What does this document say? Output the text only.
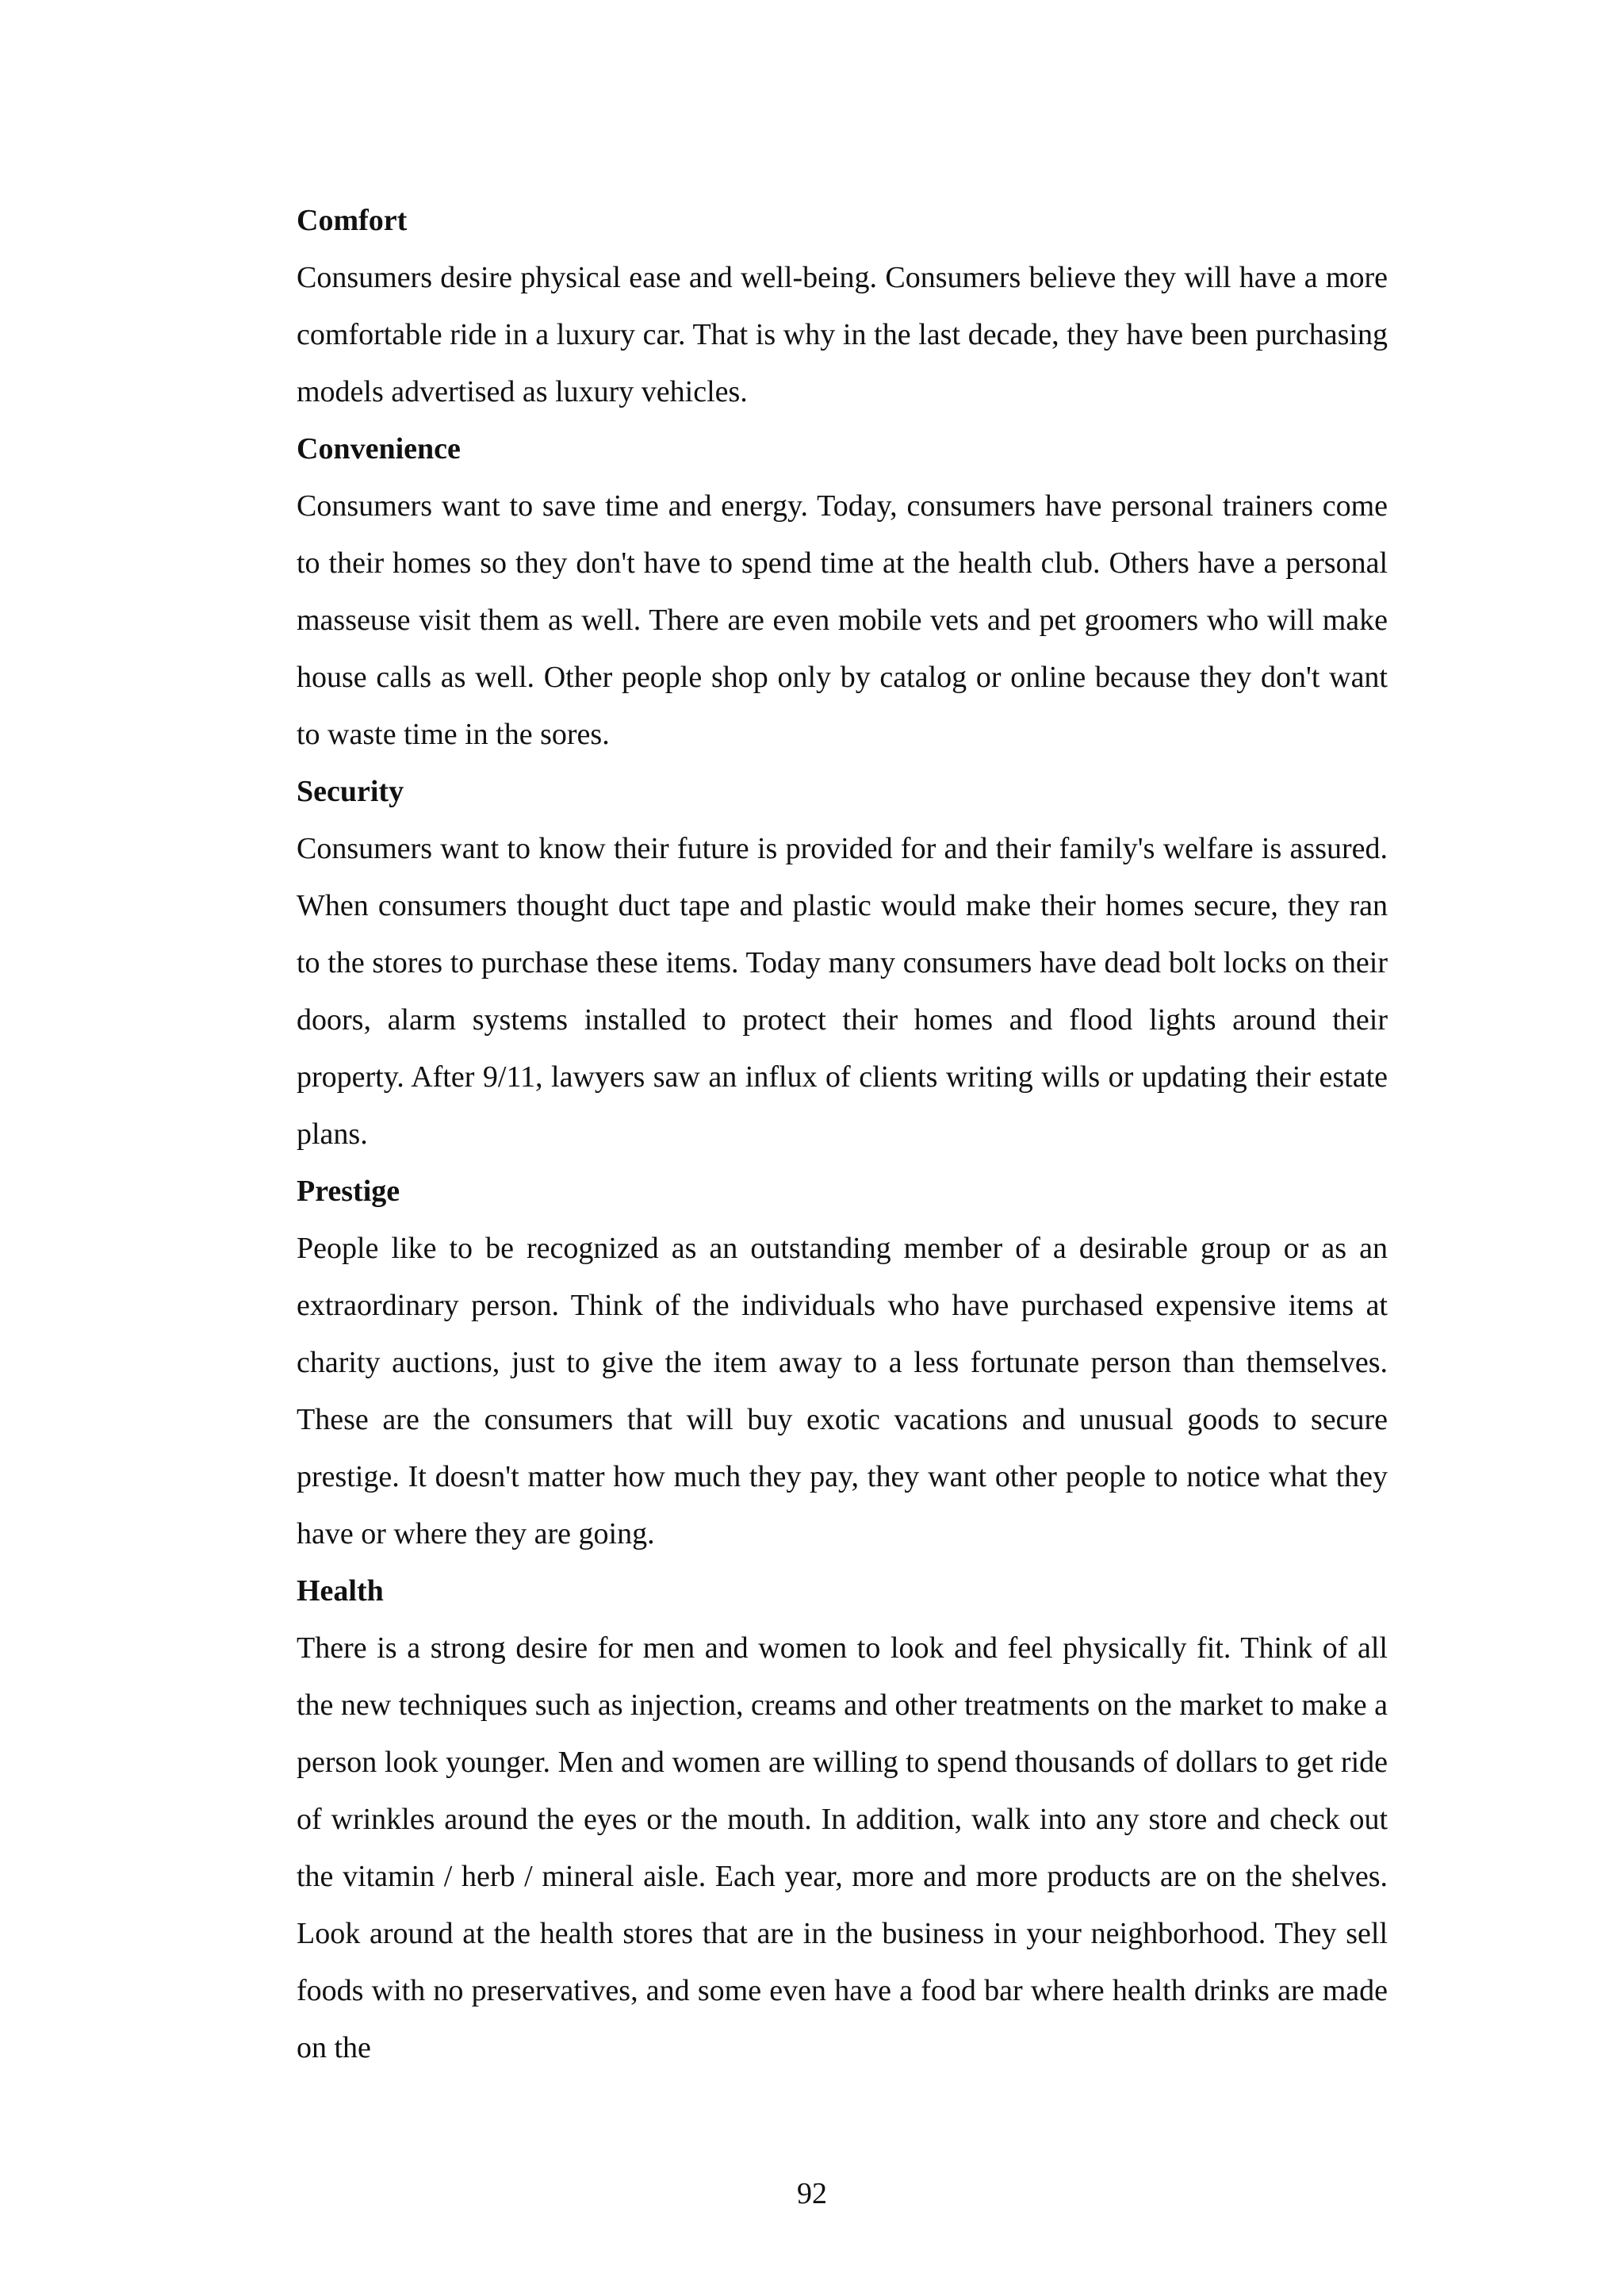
Comfort

Consumers desire physical ease and well-being. Consumers believe they will have a more comfortable ride in a luxury car. That is why in the last decade, they have been purchasing models advertised as luxury vehicles.

Convenience

Consumers want to save time and energy. Today, consumers have personal trainers come to their homes so they don't have to spend time at the health club. Others have a personal masseuse visit them as well. There are even mobile vets and pet groomers who will make house calls as well. Other people shop only by catalog or online because they don't want to waste time in the sores.

Security

Consumers want to know their future is provided for and their family's welfare is assured. When consumers thought duct tape and plastic would make their homes secure, they ran to the stores to purchase these items. Today many consumers have dead bolt locks on their doors, alarm systems installed to protect their homes and flood lights around their property. After 9/11, lawyers saw an influx of clients writing wills or updating their estate plans.

Prestige

People like to be recognized as an outstanding member of a desirable group or as an extraordinary person. Think of the individuals who have purchased expensive items at charity auctions, just to give the item away to a less fortunate person than themselves. These are the consumers that will buy exotic vacations and unusual goods to secure prestige. It doesn't matter how much they pay, they want other people to notice what they have or where they are going.

Health

There is a strong desire for men and women to look and feel physically fit. Think of all the new techniques such as injection, creams and other treatments on the market to make a person look younger. Men and women are willing to spend thousands of dollars to get ride of wrinkles around the eyes or the mouth. In addition, walk into any store and check out the vitamin / herb / mineral aisle. Each year, more and more products are on the shelves. Look around at the health stores that are in the business in your neighborhood. They sell foods with no preservatives, and some even have a food bar where health drinks are made on the

92
